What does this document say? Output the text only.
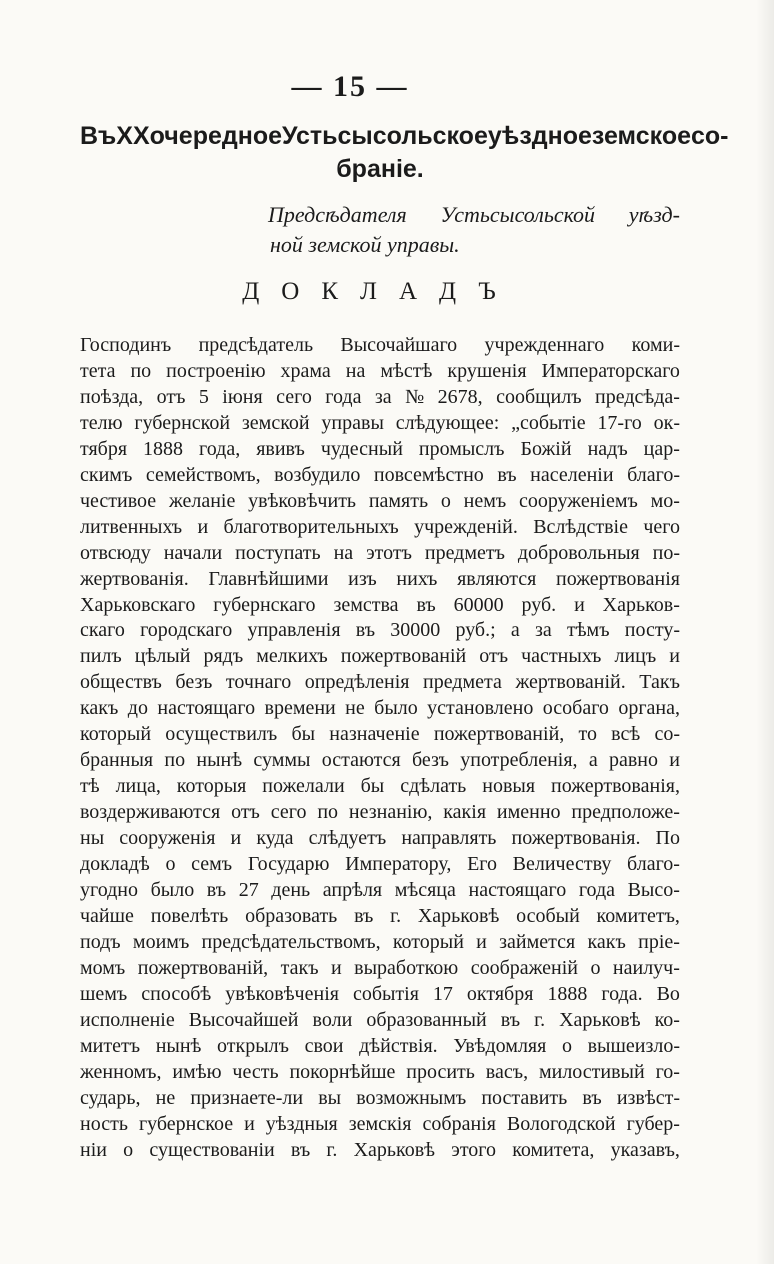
— 15 —
Въ XX очередное Устьсысольское уѣздное земское со-
браніе.
Предсѣдателя Устьсысольской уѣзд-
ной земской управы.
ДОКЛАДЪ
Господинъ предсѣдатель Высочайшаго учрежденнаго коми-
тета по построенію храма на мѣстѣ крушенія Императорскаго
поѣзда, отъ 5 іюня сего года за № 2678, сообщилъ предсѣда-
телю губернской земской управы слѣдующее: „событіе 17-го ок-
тября 1888 года, явивъ чудесный промыслъ Божій надъ цар-
скимъ семействомъ, возбудило повсемѣстно въ населеніи благо-
честивое желаніе увѣковѣчить память о немъ сооруженіемъ мо-
литвенныхъ и благотворительныхъ учрежденій. Вслѣдствіе чего
отвсюду начали поступать на этотъ предметъ добровольныя по-
жертвованія. Главнѣйшими изъ нихъ являются пожертвованія
Харьковскаго губернскаго земства въ 60000 руб. и Харьков-
скаго городскаго управленія въ 30000 руб.; а за тѣмъ посту-
пилъ цѣлый рядъ мелкихъ пожертвованій отъ частныхъ лицъ и
обществъ безъ точнаго опредѣленія предмета жертвованій. Такъ
какъ до настоящаго времени не было установлено особаго органа,
который осуществилъ бы назначеніе пожертвованій, то всѣ со-
бранныя по нынѣ суммы остаются безъ употребленія, а равно и
тѣ лица, которыя пожелали бы сдѣлать новыя пожертвованія,
воздерживаются отъ сего по незнанію, какія именно предположе-
ны сооруженія и куда слѣдуетъ направлять пожертвованія. По
докладѣ о семъ Государю Императору, Его Величеству благо-
угодно было въ 27 день апрѣля мѣсяца настоящаго года Высо-
чайше повелѣть образовать въ г. Харьковѣ особый комитетъ,
подъ моимъ предсѣдательствомъ, который и займется какъ пріе-
момъ пожертвованій, такъ и выработкою соображеній о наилуч-
шемъ способѣ увѣковѣченія событія 17 октября 1888 года. Во
исполненіе Высочайшей воли образованный въ г. Харьковѣ ко-
митетъ нынѣ открылъ свои дѣйствія. Увѣдомляя о вышеизло-
женномъ, имѣю честь покорнѣйше просить васъ, милостивый го-
сударь, не признаете-ли вы возможнымъ поставить въ извѣст-
ность губернское и уѣздныя земскія собранія Вологодской губер-
ніи о существованіи въ г. Харьковѣ этого комитета, указавъ,
